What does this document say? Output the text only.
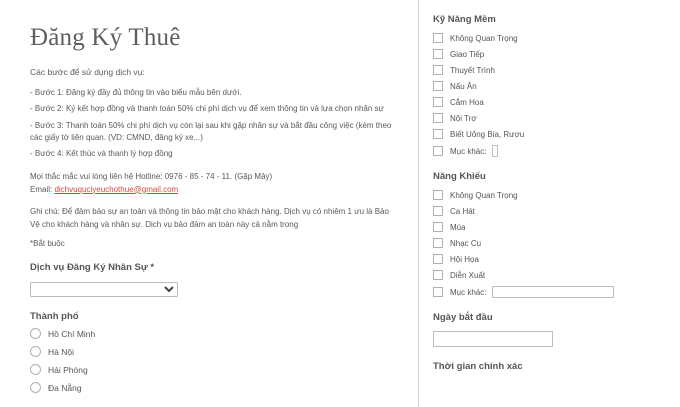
Đăng Ký Thuê

Các bước để sử dụng dịch vụ:

- Bước 1: Đăng ký đầy đủ thông tin vào biểu mẫu bên dưới.

- Bước 2: Ký kết hợp đồng và thanh toán 50% chi phí dịch vụ để xem thông tin và lựa chọn nhân sự

- Bước 3: Thanh toán 50% chi phí dịch vụ còn lại sau khi gặp nhân sự và bắt đầu công việc (kèm theo các giấy tờ liên quan. (VD: CMND, đăng ký xe...)

- Bước 4: Kết thúc và thanh lý hợp đồng

Mọi thắc mắc vui lòng liên hệ Hotline: 0976 - 85 - 74 - 11. (Gặp Mây)

Email: dichvuquciyeuchothue@gmail.com

Ghi chú: Để đảm bảo sự an toàn và thông tin bảo mật cho khách hàng. Dịch vụ có nhiêm 1 ưu là Bảo Vệ cho khách hàng và nhân sự. Dịch vụ bảo đảm an toàn này cả nằm trong

*Bắt buộc

Dịch vụ Đăng Ký Nhân Sự *
Thành phố
Hồ Chí Minh
Hà Nội
Hải Phòng
Đa Nẵng
Kỹ Năng Mềm
Không Quan Trọng
Giao Tiếp
Thuyết Trình
Nấu Ăn
Cắm Hoa
Nội Trợ
Biết Uống Bia, Rượu
Mục khác:
Năng Khiếu
Không Quan Trọng
Ca Hát
Múa
Nhạc Cụ
Hội Họa
Diễn Xuất
Mục khác:
Ngày bắt đầu
Thời gian chính xác
